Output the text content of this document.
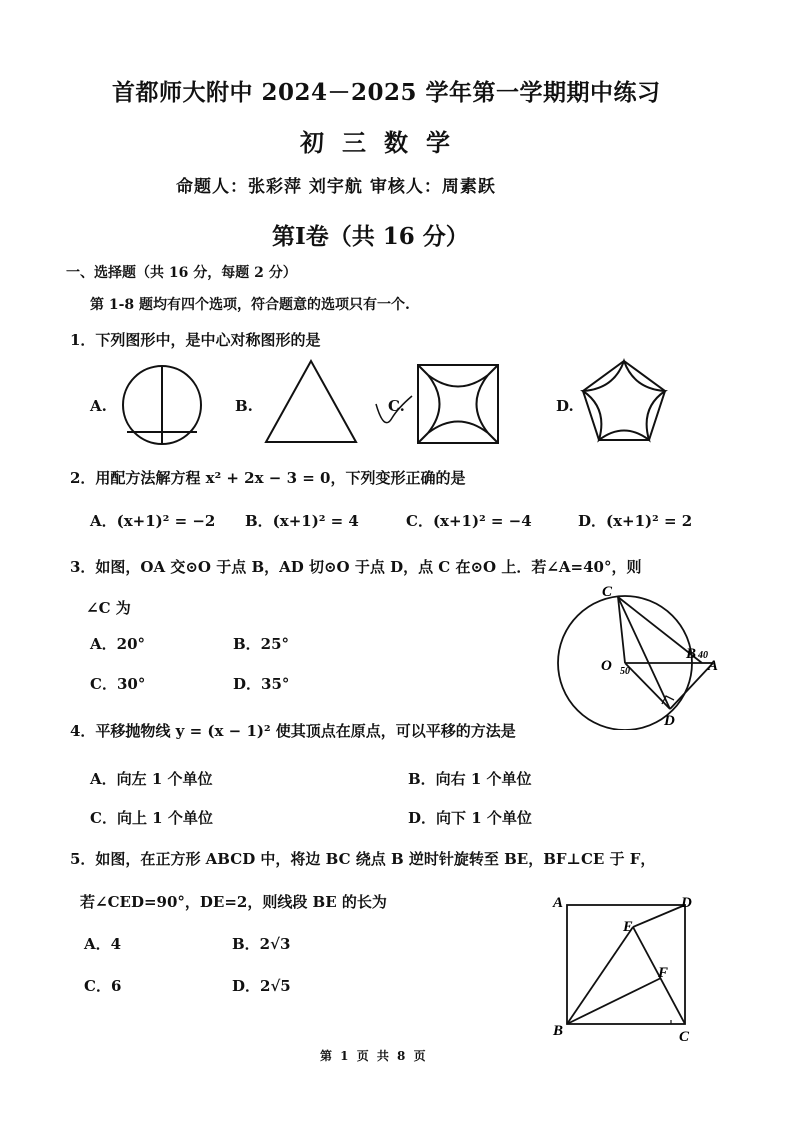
首都师大附中 2024－2025 学年第一学期期中练习
初三数学
命题人：张彩萍 刘宇航 审核人：周素跃
第Ⅰ卷（共 16 分）
一、选择题（共 16 分，每题 2 分）
第 1-8 题均有四个选项，符合题意的选项只有一个.
1．下列图形中，是中心对称图形的是
A.	B.	C.	D.
2．用配方法解方程 x² + 2x − 3 = 0，下列变形正确的是
A．(x+1)² = −2 B．(x+1)² = 4	C．(x+1)² = −4	D．(x+1)² = 2
3．如图，OA 交⊙O 于点 B，AD 切⊙O 于点 D，点 C 在⊙O 上．若∠A=40°，则
∠C 为
A．20°	B．25°
C．30°	D．35°
C
O
B
A
D
40
50
4．平移抛物线 y = (x − 1)² 使其顶点在原点，可以平移的方法是
A．向左 1 个单位	B．向右 1 个单位
C．向上 1 个单位	D．向下 1 个单位
5．如图，在正方形 ABCD 中，将边 BC 绕点 B 逆时针旋转至 BE，BF⊥CE 于 F，
若∠CED=90°，DE=2，则线段 BE 的长为
A．4	B．2√3
C．6	D．2√5
A	D
E
F
B	C
第 1 页 共 8 页
